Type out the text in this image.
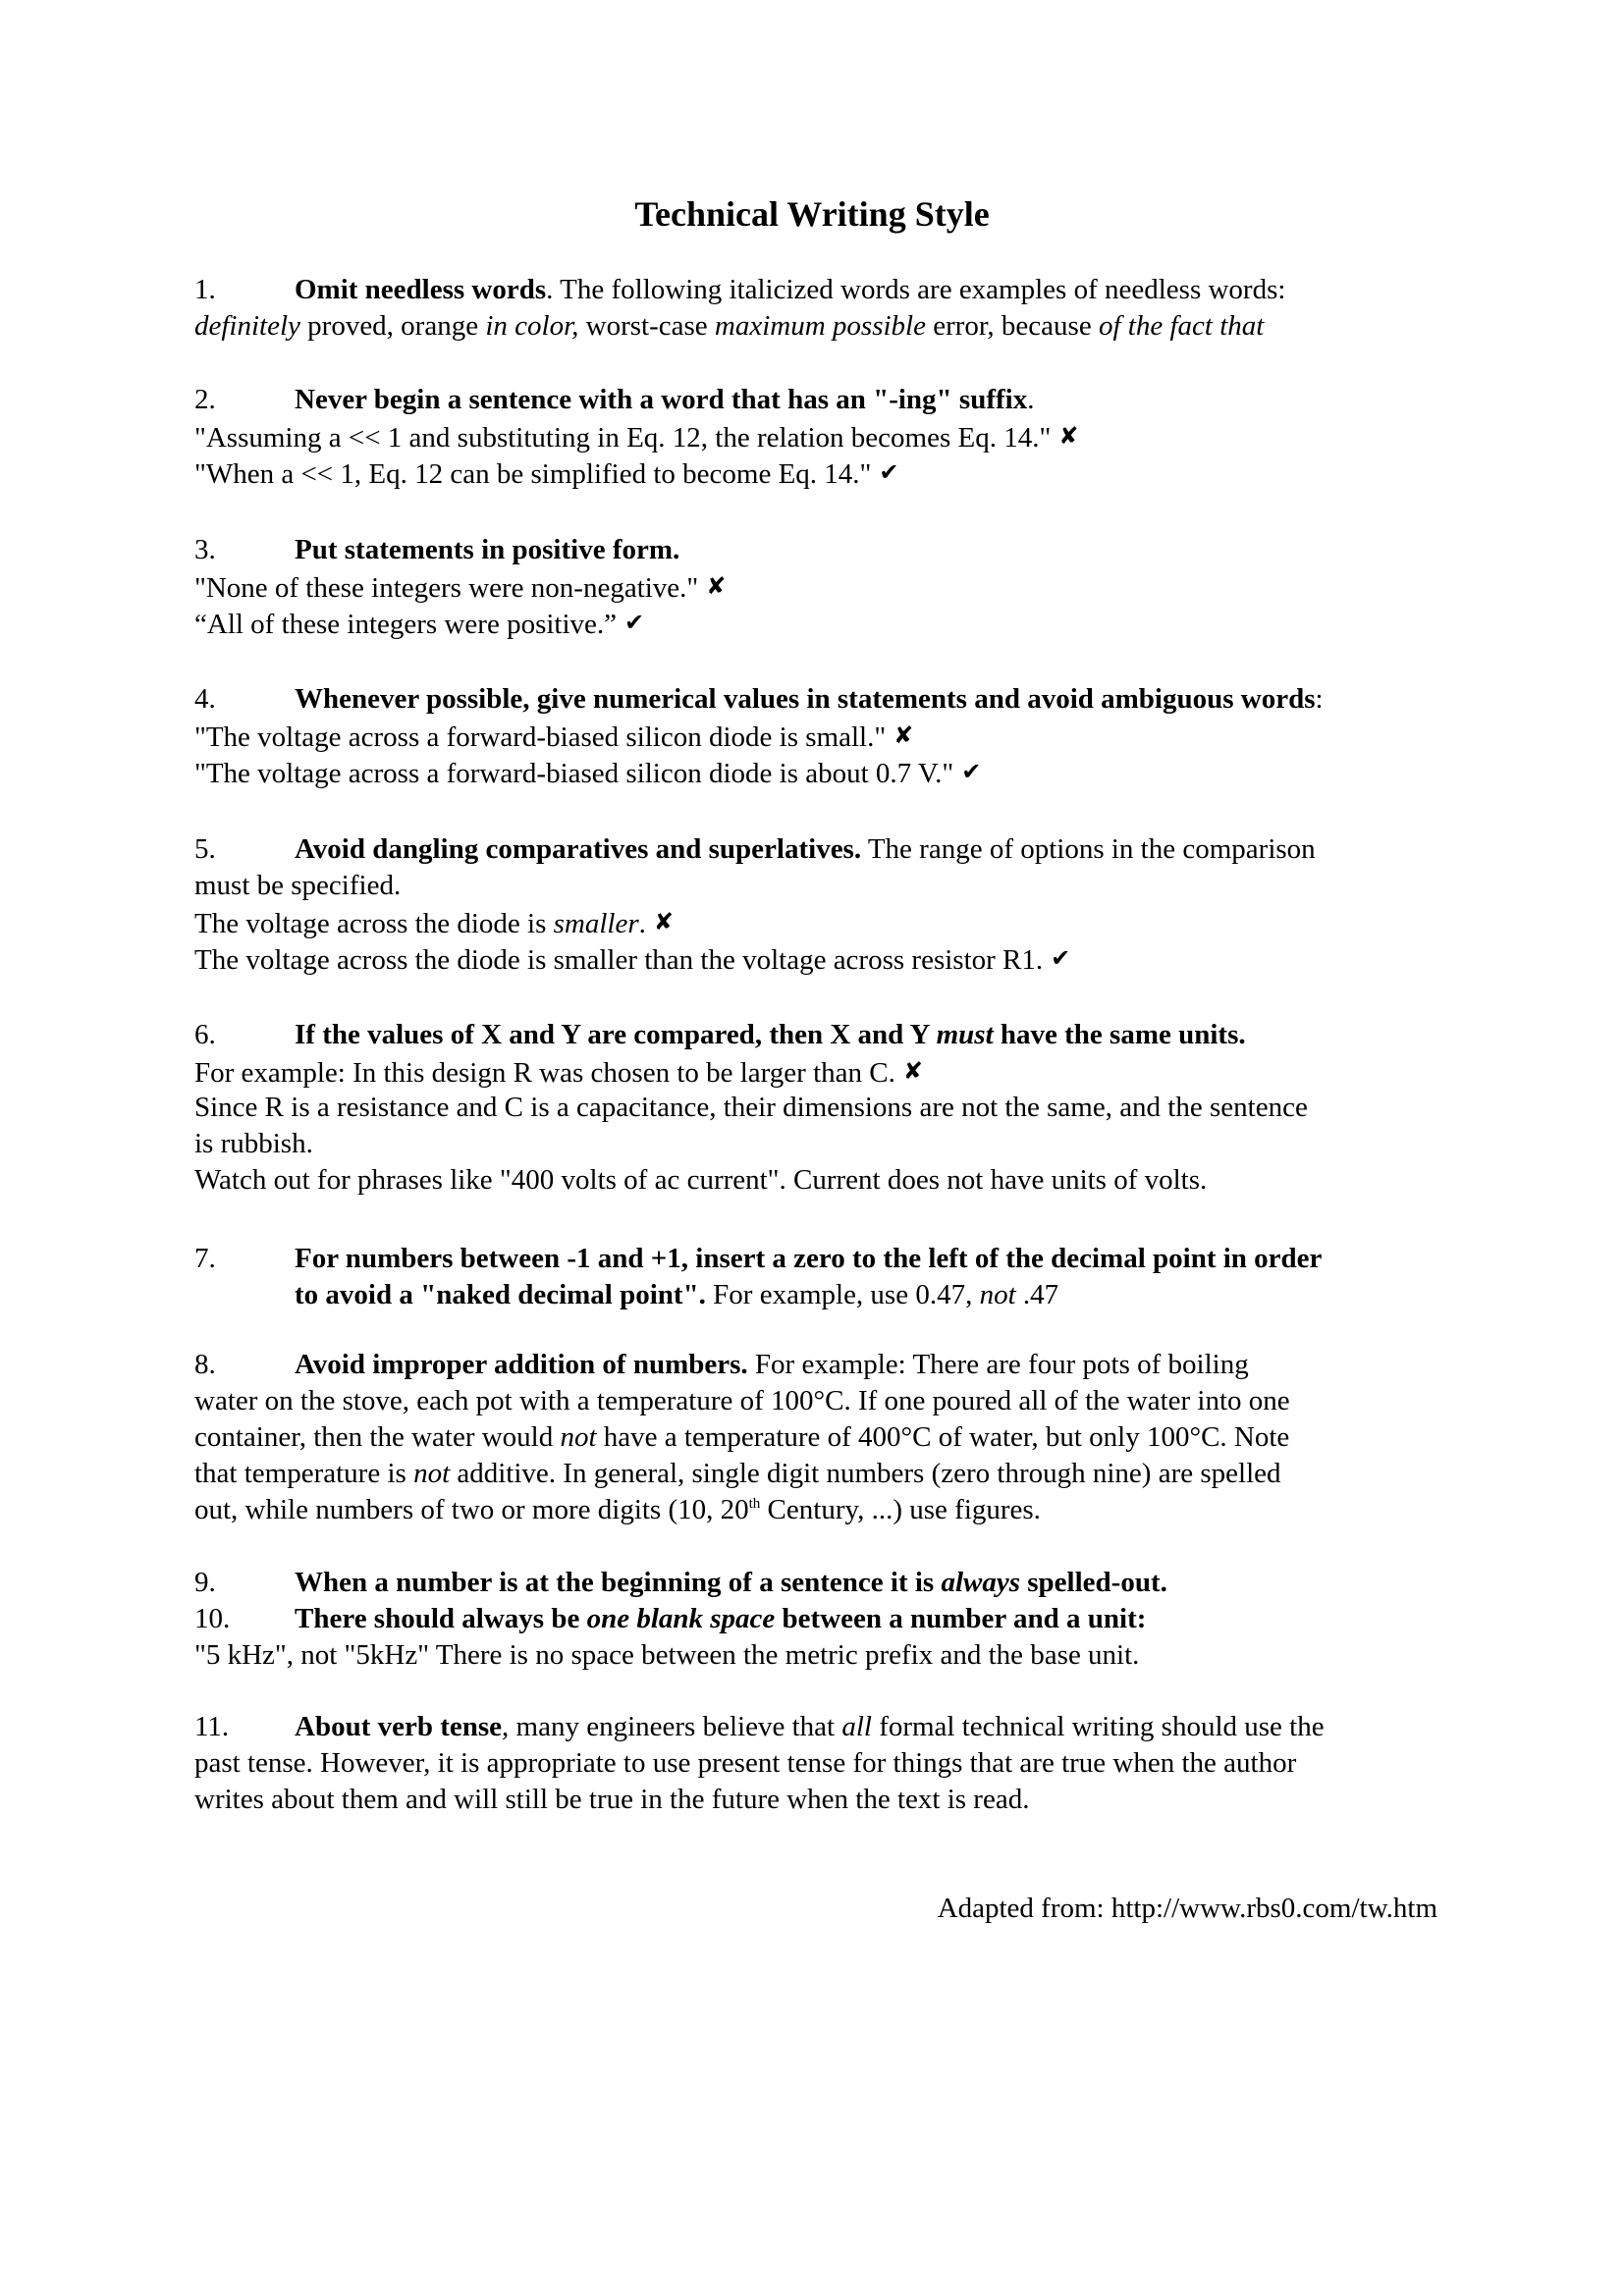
Technical Writing Style
1.	Omit needless words. The following italicized words are examples of needless words:
definitely proved, orange in color, worst-case maximum possible error, because of the fact that
2.	Never begin a sentence with a word that has an "-ing" suffix.
"Assuming a << 1 and substituting in Eq. 12, the relation becomes Eq. 14." ✘
"When a << 1, Eq. 12 can be simplified to become Eq. 14." ✔
3.	Put statements in positive form.
"None of these integers were non-negative." ✘
“All of these integers were positive.” ✔
4.	Whenever possible, give numerical values in statements and avoid ambiguous words:
"The voltage across a forward-biased silicon diode is small." ✘
"The voltage across a forward-biased silicon diode is about 0.7 V." ✔
5.	Avoid dangling comparatives and superlatives. The range of options in the comparison
must be specified.
The voltage across the diode is smaller. ✘
The voltage across the diode is smaller than the voltage across resistor R1. ✔
6.	If the values of X and Y are compared, then X and Y must have the same units.
For example: In this design R was chosen to be larger than C. ✘
Since R is a resistance and C is a capacitance, their dimensions are not the same, and the sentence
is rubbish.
Watch out for phrases like "400 volts of ac current". Current does not have units of volts.
7.	For numbers between -1 and +1, insert a zero to the left of the decimal point in order
to avoid a "naked decimal point". For example, use 0.47, not .47
8.	Avoid improper addition of numbers. For example: There are four pots of boiling
water on the stove, each pot with a temperature of 100°C. If one poured all of the water into one
container, then the water would not have a temperature of 400°C of water, but only 100°C. Note
that temperature is not additive. In general, single digit numbers (zero through nine) are spelled
out, while numbers of two or more digits (10, 20th Century, ...) use figures.
9.	When a number is at the beginning of a sentence it is always spelled-out.
10. There should always be one blank space between a number and a unit:
"5 kHz", not "5kHz" There is no space between the metric prefix and the base unit.
11. About verb tense, many engineers believe that all formal technical writing should use the
past tense. However, it is appropriate to use present tense for things that are true when the author
writes about them and will still be true in the future when the text is read.
Adapted from: http://www.rbs0.com/tw.htm
